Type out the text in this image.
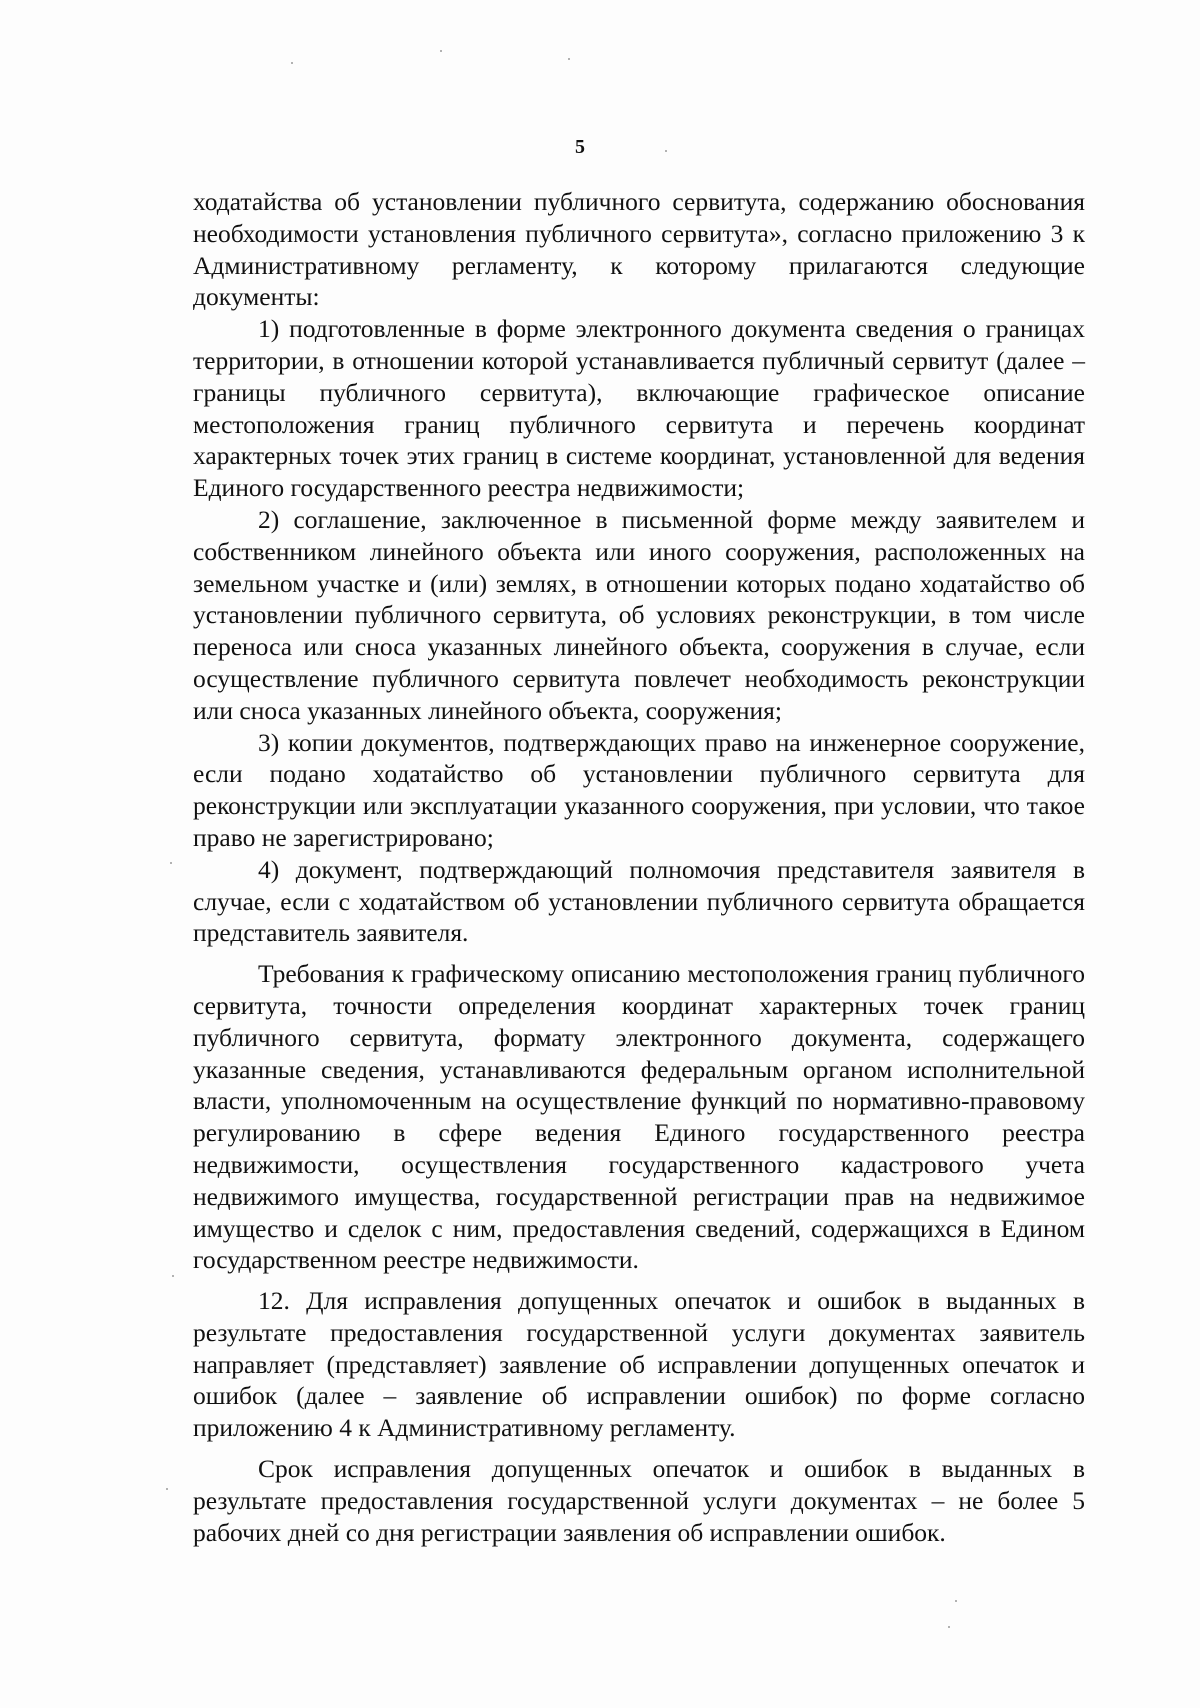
5

ходатайства об установлении публичного сервитута, содержанию обоснования необходимости установления публичного сервитута», согласно приложению 3 к Административному регламенту, к которому прилагаются следующие документы:

1) подготовленные в форме электронного документа сведения о границах территории, в отношении которой устанавливается публичный сервитут (далее – границы публичного сервитута), включающие графическое описание местоположения границ публичного сервитута и перечень координат характерных точек этих границ в системе координат, установленной для ведения Единого государственного реестра недвижимости;

2) соглашение, заключенное в письменной форме между заявителем и собственником линейного объекта или иного сооружения, расположенных на земельном участке и (или) землях, в отношении которых подано ходатайство об установлении публичного сервитута, об условиях реконструкции, в том числе переноса или сноса указанных линейного объекта, сооружения в случае, если осуществление публичного сервитута повлечет необходимость реконструкции или сноса указанных линейного объекта, сооружения;

3) копии документов, подтверждающих право на инженерное сооружение, если подано ходатайство об установлении публичного сервитута для реконструкции или эксплуатации указанного сооружения, при условии, что такое право не зарегистрировано;

4) документ, подтверждающий полномочия представителя заявителя в случае, если с ходатайством об установлении публичного сервитута обращается представитель заявителя.

Требования к графическому описанию местоположения границ публичного сервитута, точности определения координат характерных точек границ публичного сервитута, формату электронного документа, содержащего указанные сведения, устанавливаются федеральным органом исполнительной власти, уполномоченным на осуществление функций по нормативно-правовому регулированию в сфере ведения Единого государственного реестра недвижимости, осуществления государственного кадастрового учета недвижимого имущества, государственной регистрации прав на недвижимое имущество и сделок с ним, предоставления сведений, содержащихся в Едином государственном реестре недвижимости.

12. Для исправления допущенных опечаток и ошибок в выданных в результате предоставления государственной услуги документах заявитель направляет (представляет) заявление об исправлении допущенных опечаток и ошибок (далее – заявление об исправлении ошибок) по форме согласно приложению 4 к Административному регламенту.

Срок исправления допущенных опечаток и ошибок в выданных в результате предоставления государственной услуги документах – не более 5 рабочих дней со дня регистрации заявления об исправлении ошибок.
